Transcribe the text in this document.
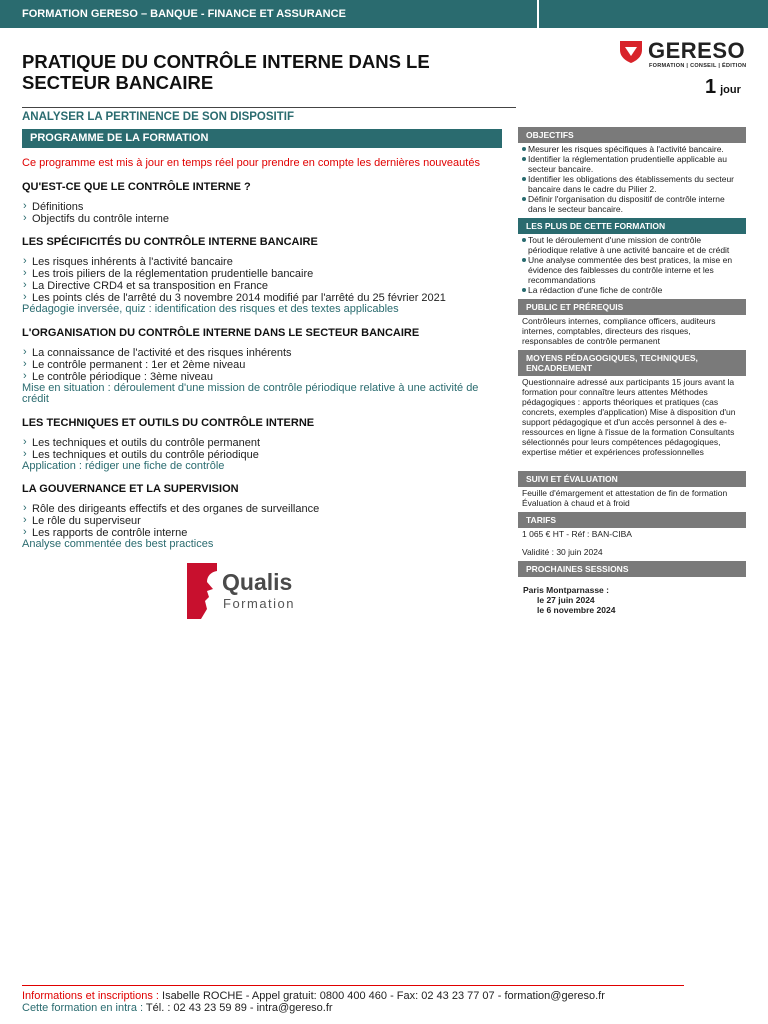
FORMATION GERESO – BANQUE - FINANCE ET ASSURANCE
PRATIQUE DU CONTRÔLE INTERNE DANS LE SECTEUR BANCAIRE
GERESO
FORMATION | CONSEIL | ÉDITION
1 jour
ANALYSER LA PERTINENCE DE SON DISPOSITIF
PROGRAMME DE LA FORMATION

Ce programme est mis à jour en temps réel pour prendre en compte les dernières nouveautés

QU'EST-CE QUE LE CONTRÔLE INTERNE ?
› Définitions
› Objectifs du contrôle interne
LES SPÉCIFICITÉS DU CONTRÔLE INTERNE BANCAIRE
› Les risques inhérents à l'activité bancaire
› Les trois piliers de la réglementation prudentielle bancaire
› La Directive CRD4 et sa transposition en France
› Les points clés de l'arrêté du 3 novembre 2014 modifié par l'arrêté du 25 février 2021
Pédagogie inversée, quiz : identification des risques et des textes applicables
L'ORGANISATION DU CONTRÔLE INTERNE DANS LE SECTEUR BANCAIRE
› La connaissance de l'activité et des risques inhérents
› Le contrôle permanent : 1er et 2ème niveau
› Le contrôle périodique : 3ème niveau
Mise en situation : déroulement d'une mission de contrôle périodique relative à une activité de crédit
LES TECHNIQUES ET OUTILS DU CONTRÔLE INTERNE
› Les techniques et outils du contrôle permanent
› Les techniques et outils du contrôle périodique
Application : rédiger une fiche de contrôle
LA GOUVERNANCE ET LA SUPERVISION
› Rôle des dirigeants effectifs et des organes de surveillance
› Le rôle du superviseur
› Les rapports de contrôle interne
Analyse commentée des best practices
Qualis
Formation
OBJECTIFS
Mesurer les risques spécifiques à l'activité bancaire.
Identifier la réglementation prudentielle applicable au secteur bancaire.
Identifier les obligations des établissements du secteur bancaire dans le cadre du Pilier 2.
Définir l'organisation du dispositif de contrôle interne dans le secteur bancaire.
LES PLUS DE CETTE FORMATION
Tout le déroulement d'une mission de contrôle périodique relative à une activité bancaire et de crédit
Une analyse commentée des best pratices, la mise en évidence des faiblesses du contrôle interne et les recommandations
La rédaction d'une fiche de contrôle
PUBLIC ET PRÉREQUIS

Contrôleurs internes, compliance officers, auditeurs internes, comptables, directeurs des risques, responsables de contrôle permanent

MOYENS PÉDAGOGIQUES, TECHNIQUES, ENCADREMENT

Questionnaire adressé aux participants 15 jours avant la formation pour connaître leurs attentes Méthodes pédagogiques : apports théoriques et pratiques (cas concrets, exemples d'application) Mise à disposition d'un support pédagogique et d'un accès personnel à des e-ressources en ligne à l'issue de la formation Consultants sélectionnés pour leurs compétences pédagogiques, expertise métier et expériences professionnelles

SUIVI ET ÉVALUATION

Feuille d'émargement et attestation de fin de formation

Évaluation à chaud et à froid

TARIFS

1 065 € HT - Réf : BAN-CIBA

Validité : 30 juin 2024

PROCHAINES SESSIONS
Paris Montparnasse :
le 27 juin 2024
le 6 novembre 2024
Informations et inscriptions : Isabelle ROCHE - Appel gratuit: 0800 400 460 - Fax: 02 43 23 77 07 - formation@gereso.fr
Cette formation en intra : Tél. : 02 43 23 59 89 - intra@gereso.fr
